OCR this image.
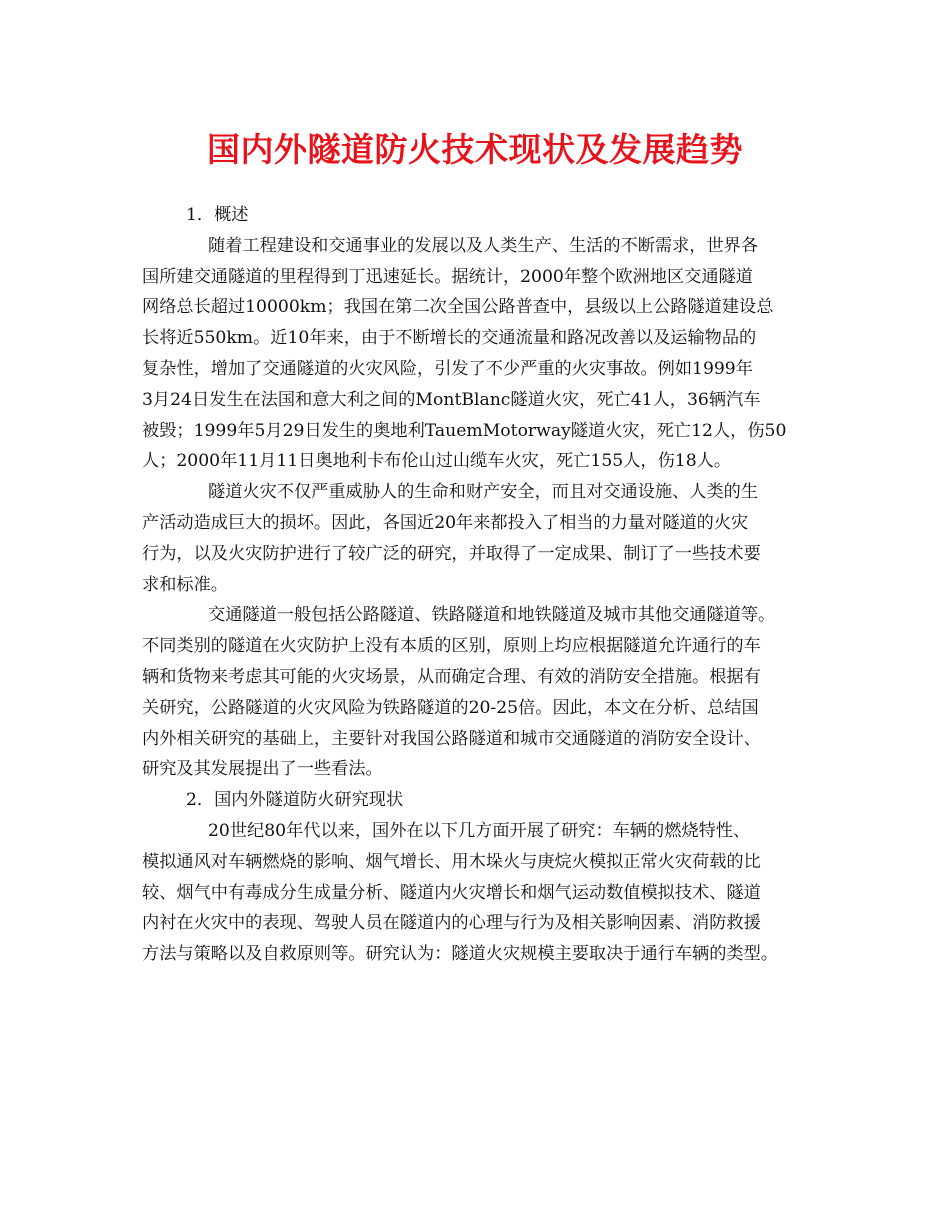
国内外隧道防火技术现状及发展趋势
1．概述
随着工程建设和交通事业的发展以及人类生产、生活的不断需求，世界各
国所建交通隧道的里程得到丁迅速延长。据统计，2000年整个欧洲地区交通隧道
网络总长超过10000km；我国在第二次全国公路普查中，县级以上公路隧道建设总
长将近550km。近10年来，由于不断增长的交通流量和路况改善以及运输物品的
复杂性，增加了交通隧道的火灾风险，引发了不少严重的火灾事故。例如1999年
3月24日发生在法国和意大利之间的MontBlanc隧道火灾，死亡41人，36辆汽车
被毁；1999年5月29日发生的奥地利TauemMotorway隧道火灾，死亡12人，伤50
人；2000年11月11日奥地利卡布伦山过山缆车火灾，死亡155人，伤18人。
隧道火灾不仅严重威胁人的生命和财产安全，而且对交通设施、人类的生
产活动造成巨大的损坏。因此，各国近20年来都投入了相当的力量对隧道的火灾
行为，以及火灾防护进行了较广泛的研究，并取得了一定成果、制订了一些技术要
求和标准。
交通隧道一般包括公路隧道、铁路隧道和地铁隧道及城市其他交通隧道等。
不同类别的隧道在火灾防护上没有本质的区别，原则上均应根据隧道允许通行的车
辆和货物来考虑其可能的火灾场景，从而确定合理、有效的消防安全措施。根据有
关研究，公路隧道的火灾风险为铁路隧道的20-25倍。因此，本文在分析、总结国
内外相关研究的基础上，主要针对我国公路隧道和城市交通隧道的消防安全设计、
研究及其发展提出了一些看法。
2．国内外隧道防火研究现状
20世纪80年代以来，国外在以下几方面开展了研究：车辆的燃烧特性、
模拟通风对车辆燃烧的影响、烟气增长、用木垛火与庚烷火模拟正常火灾荷载的比
较、烟气中有毒成分生成量分析、隧道内火灾增长和烟气运动数值模拟技术、隧道
内衬在火灾中的表现、驾驶人员在隧道内的心理与行为及相关影响因素、消防救援
方法与策略以及自救原则等。研究认为：隧道火灾规模主要取决于通行车辆的类型。
